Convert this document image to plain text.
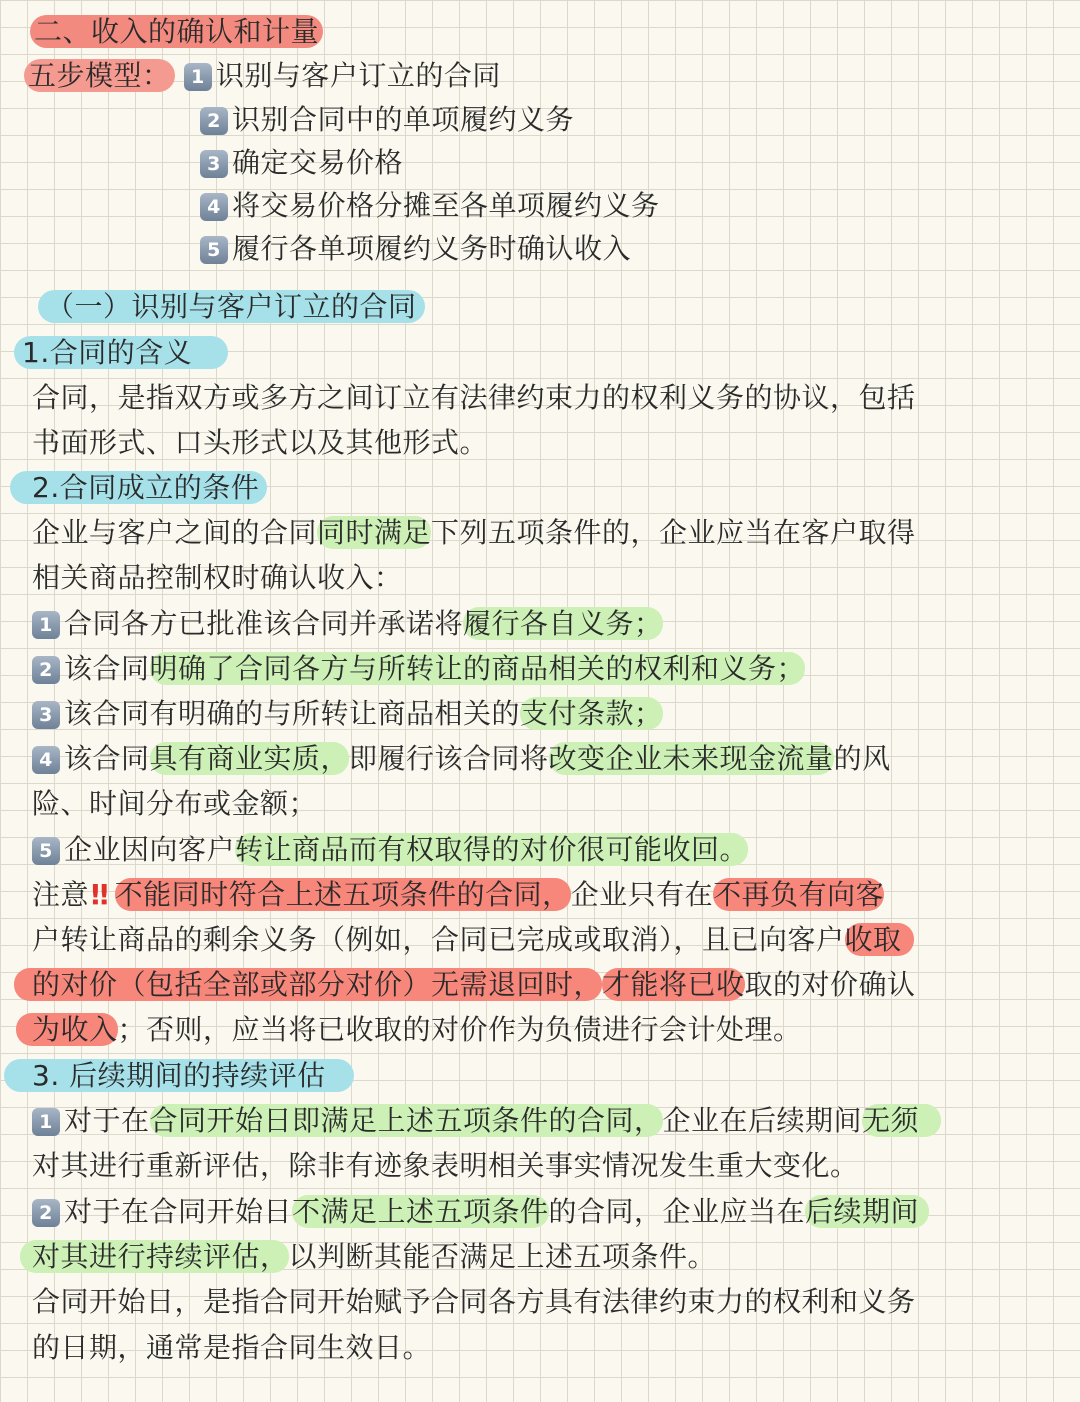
二、收入的确认和计量
五步模型： 1 识别与客户订立的合同
2 识别合同中的单项履约义务
3 确定交易价格
4 将交易价格分摊至各单项履约义务
5 履行各单项履约义务时确认收入
（一）识别与客户订立的合同
1.合同的含义
合同，是指双方或多方之间订立有法律约束力的权利义务的协议，包括
书面形式、口头形式以及其他形式。
2.合同成立的条件
企业与客户之间的合同同时满足下列五项条件的，企业应当在客户取得
相关商品控制权时确认收入：
1 合同各方已批准该合同并承诺将履行各自义务；
2 该合同明确了合同各方与所转让的商品相关的权利和义务；
3 该合同有明确的与所转让商品相关的支付条款；
4 该合同具有商业实质，即履行该合同将改变企业未来现金流量的风
险、时间分布或金额；
5 企业因向客户转让商品而有权取得的对价很可能收回。
注意‼ 不能同时符合上述五项条件的合同，企业只有在不再负有向客
户转让商品的剩余义务（例如，合同已完成或取消），且已向客户收取
的对价（包括全部或部分对价）无需退回时，才能将已收取的对价确认
为收入；否则，应当将已收取的对价作为负债进行会计处理。
3. 后续期间的持续评估
1 对于在合同开始日即满足上述五项条件的合同，企业在后续期间无须
对其进行重新评估，除非有迹象表明相关事实情况发生重大变化。
2 对于在合同开始日不满足上述五项条件的合同，企业应当在后续期间
对其进行持续评估，以判断其能否满足上述五项条件。
合同开始日，是指合同开始赋予合同各方具有法律约束力的权利和义务
的日期，通常是指合同生效日。
